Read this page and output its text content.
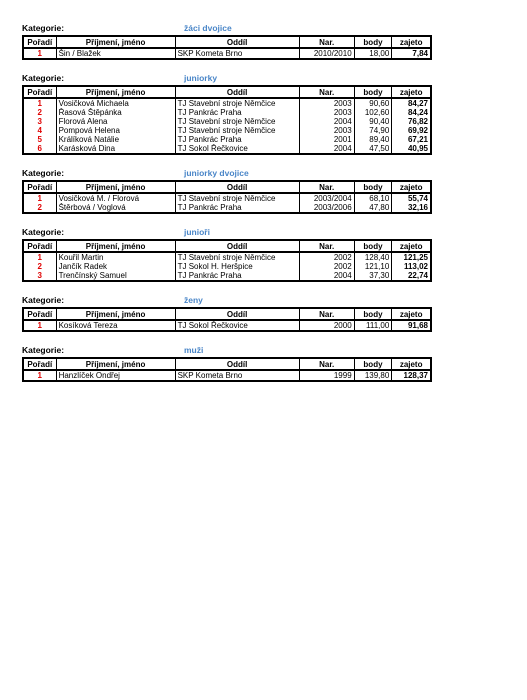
Kategorie:	žáci dvojice
Pořadí	Příjmení, jméno	Oddíl	Nar.	body	zajeto
1	Šin / Blažek	SKP Kometa Brno	2010/2010	18,00	7,84
Kategorie:	juniorky
Pořadí	Příjmení, jméno	Oddíl	Nar.	body	zajeto
1	Vosičková Michaela	TJ Stavební stroje Němčice	2003	90,60	84,27
2	Řasová Štěpánka	TJ Pankrác Praha	2003	102,60	84,24
3	Florová Alena	TJ Stavební stroje Němčice	2004	90,40	76,82
4	Pompová Helena	TJ Stavební stroje Němčice	2003	74,90	69,92
5	Králíková Natálie	TJ Pankrác Praha	2001	89,40	67,21
6	Karásková Dina	TJ Sokol Řečkovice	2004	47,50	40,95
Kategorie:	juniorky dvojice
Pořadí	Příjmení, jméno	Oddíl	Nar.	body	zajeto
1	Vosičková M. / Florová	TJ Stavební stroje Němčice	2003/2004	68,10	55,74
2	Štěrbová / Voglová	TJ Pankrác Praha	2003/2006	47,80	32,16
Kategorie:	junioři
Pořadí	Příjmení, jméno	Oddíl	Nar.	body	zajeto
1	Kouřil Martin	TJ Stavební stroje Němčice	2002	128,40	121,25
2	Jančík Radek	TJ Sokol H. Heršpice	2002	121,10	113,02
3	Trenčínský Samuel	TJ Pankrác Praha	2004	37,30	22,74
Kategorie:	ženy
Pořadí	Příjmení, jméno	Oddíl	Nar.	body	zajeto
1	Kosíková Tereza	TJ Sokol Řečkovice	2000	111,00	91,68
Kategorie:	muži
Pořadí	Příjmení, jméno	Oddíl	Nar.	body	zajeto
1	Hanzlíček Ondřej	SKP Kometa Brno	1999	139,80	128,37
